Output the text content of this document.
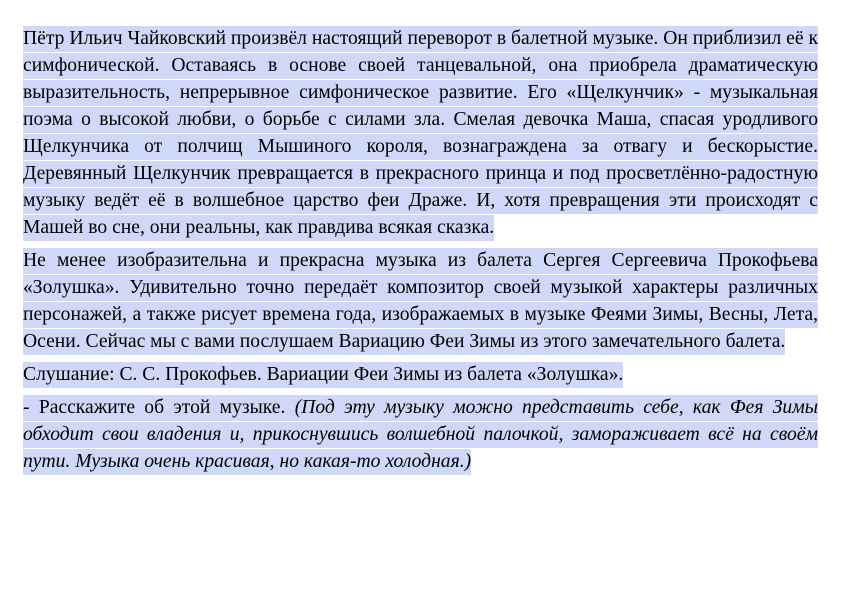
Пётр Ильич Чайковский произвёл настоящий переворот в балетной музыке. Он приблизил её к симфонической. Оставаясь в основе своей танцевальной, она приобрела драматическую выразительность, непрерывное симфоническое развитие. Его «Щелкунчик» - музыкальная поэма о высокой любви, о борьбе с силами зла. Смелая девочка Маша, спасая уродливого Щелкунчика от полчищ Мышиного короля, вознаграждена за отвагу и бескорыстие. Деревянный Щелкунчик превращается в прекрасного принца и под просветлённо-радостную музыку ведёт её в волшебное царство феи Драже. И, хотя превращения эти происходят с Машей во сне, они реальны, как правдива всякая сказка.

Не менее изобразительна и прекрасна музыка из балета Сергея Сергеевича Прокофьева «Золушка». Удивительно точно передаёт композитор своей музыкой характеры различных персонажей, а также рисует времена года, изображаемых в музыке Феями Зимы, Весны, Лета, Осени. Сейчас мы с вами послушаем Вариацию Феи Зимы из этого замечательного балета.

Слушание: С. С. Прокофьев. Вариации Феи Зимы из балета «Золушка».

- Расскажите об этой музыке. (Под эту музыку можно представить себе, как Фея Зимы обходит свои владения и, прикоснувшись волшебной палочкой, замораживает всё на своём пути. Музыка очень красивая, но какая-то холодная.)
